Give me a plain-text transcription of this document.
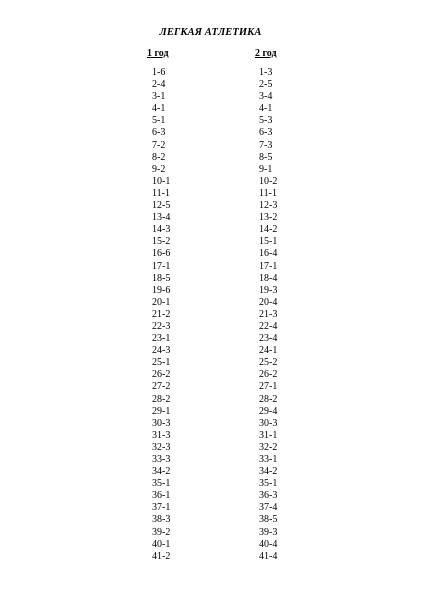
ЛЕГКАЯ АТЛЕТИКА
1 год	2 год
1-6
2-4
3-1
4-1
5-1
6-3
7-2
8-2
9-2
10-1
11-1
12-5
13-4
14-3
15-2
16-6
17-1
18-5
19-6
20-1
21-2
22-3
23-1
24-3
25-1
26-2
27-2
28-2
29-1
30-3
31-3
32-3
33-3
34-2
35-1
36-1
37-1
38-3
39-2
40-1
41-2
1-3
2-5
3-4
4-1
5-3
6-3
7-3
8-5
9-1
10-2
11-1
12-3
13-2
14-2
15-1
16-4
17-1
18-4
19-3
20-4
21-3
22-4
23-4
24-1
25-2
26-2
27-1
28-2
29-4
30-3
31-1
32-2
33-1
34-2
35-1
36-3
37-4
38-5
39-3
40-4
41-4
